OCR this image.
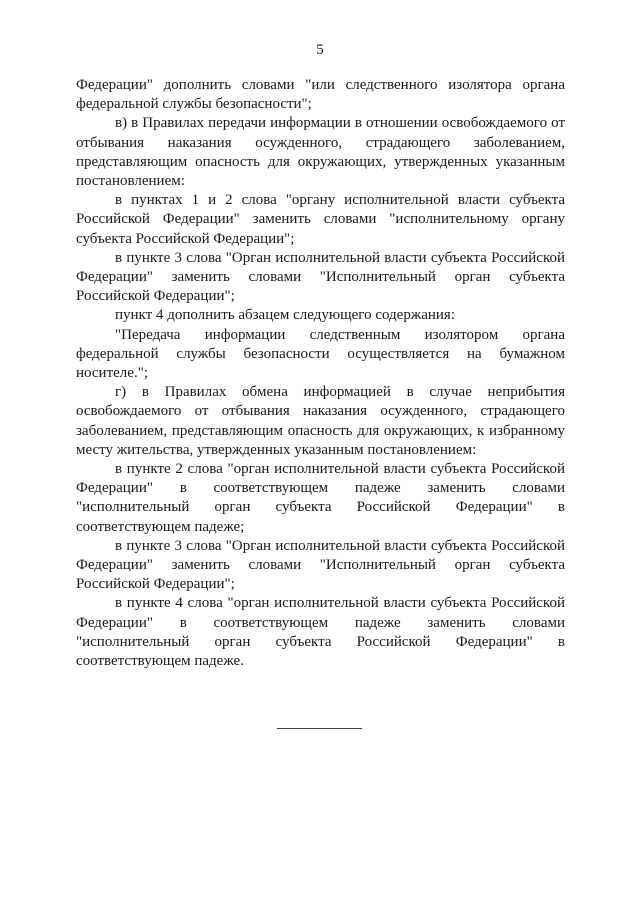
5

Федерации" дополнить словами "или следственного изолятора органа федеральной службы безопасности";

в) в Правилах передачи информации в отношении освобождаемого от отбывания наказания осужденного, страдающего заболеванием, представляющим опасность для окружающих, утвержденных указанным постановлением:

в пунктах 1 и 2 слова "органу исполнительной власти субъекта Российской Федерации" заменить словами "исполнительному органу субъекта Российской Федерации";

в пункте 3 слова "Орган исполнительной власти субъекта Российской Федерации" заменить словами "Исполнительный орган субъекта Российской Федерации";

пункт 4 дополнить абзацем следующего содержания:

"Передача информации следственным изолятором органа федеральной службы безопасности осуществляется на бумажном носителе.";

г) в Правилах обмена информацией в случае неприбытия освобождаемого от отбывания наказания осужденного, страдающего заболеванием, представляющим опасность для окружающих, к избранному месту жительства, утвержденных указанным постановлением:

в пункте 2 слова "орган исполнительной власти субъекта Российской Федерации" в соответствующем падеже заменить словами "исполнительный орган субъекта Российской Федерации" в соответствующем падеже;

в пункте 3 слова "Орган исполнительной власти субъекта Российской Федерации" заменить словами "Исполнительный орган субъекта Российской Федерации";

в пункте 4 слова "орган исполнительной власти субъекта Российской Федерации" в соответствующем падеже заменить словами "исполнительный орган субъекта Российской Федерации" в соответствующем падеже.
